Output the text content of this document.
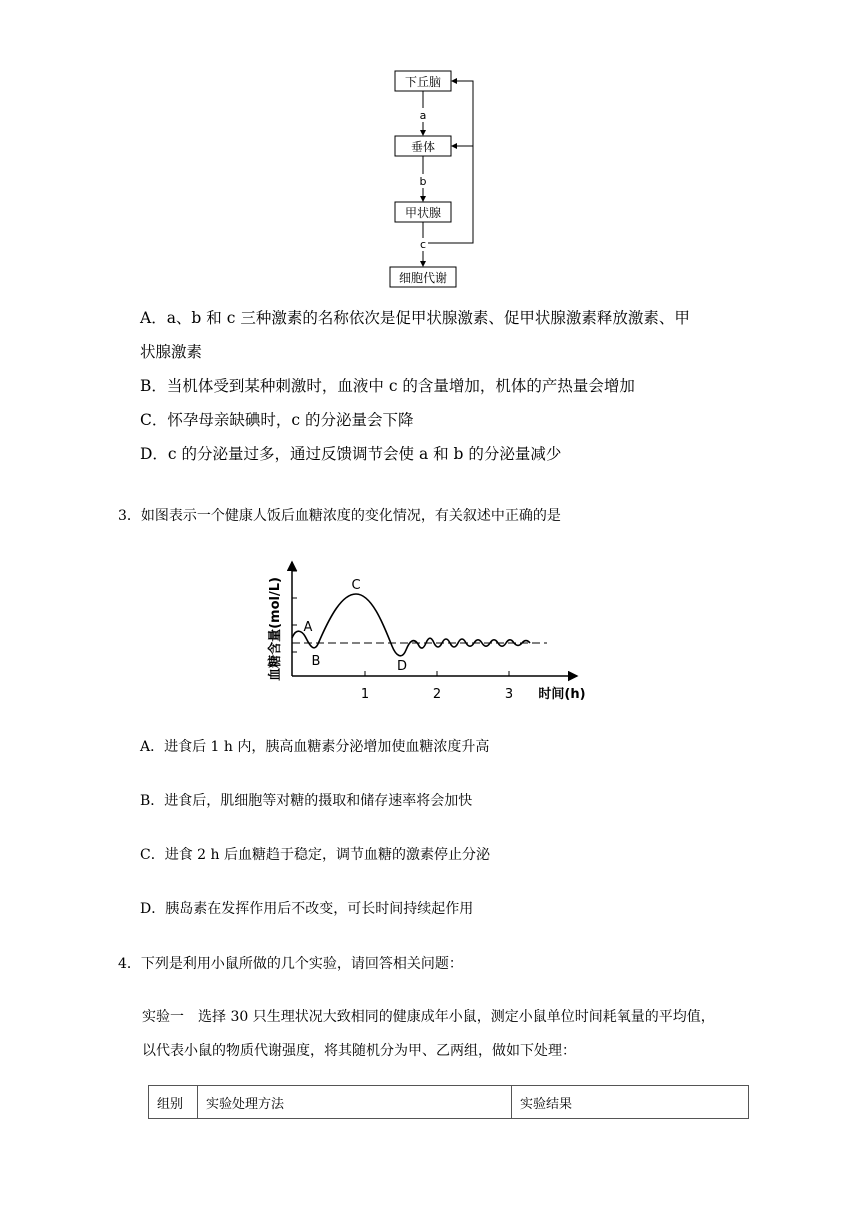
下丘脑
垂体
甲状腺
细胞代谢
a
b
c
A．a、b 和 c 三种激素的名称依次是促甲状腺激素、促甲状腺激素释放激素、甲
状腺激素
B．当机体受到某种刺激时，血液中 c 的含量增加，机体的产热量会增加
C．怀孕母亲缺碘时，c 的分泌量会下降
D．c 的分泌量过多，通过反馈调节会使 a 和 b 的分泌量减少
3．如图表示一个健康人饭后血糖浓度的变化情况，有关叙述中正确的是
血糖含量(mol/L)
时间(h)
1	2	3
A
B
C
D
A．进食后 1 h 内，胰高血糖素分泌增加使血糖浓度升高
B．进食后，肌细胞等对糖的摄取和储存速率将会加快
C．进食 2 h 后血糖趋于稳定，调节血糖的激素停止分泌
D．胰岛素在发挥作用后不改变，可长时间持续起作用
4．下列是利用小鼠所做的几个实验，请回答相关问题：
实验一　选择 30 只生理状况大致相同的健康成年小鼠，测定小鼠单位时间耗氧量的平均值，
以代表小鼠的物质代谢强度，将其随机分为甲、乙两组，做如下处理：
组别	实验处理方法	实验结果
